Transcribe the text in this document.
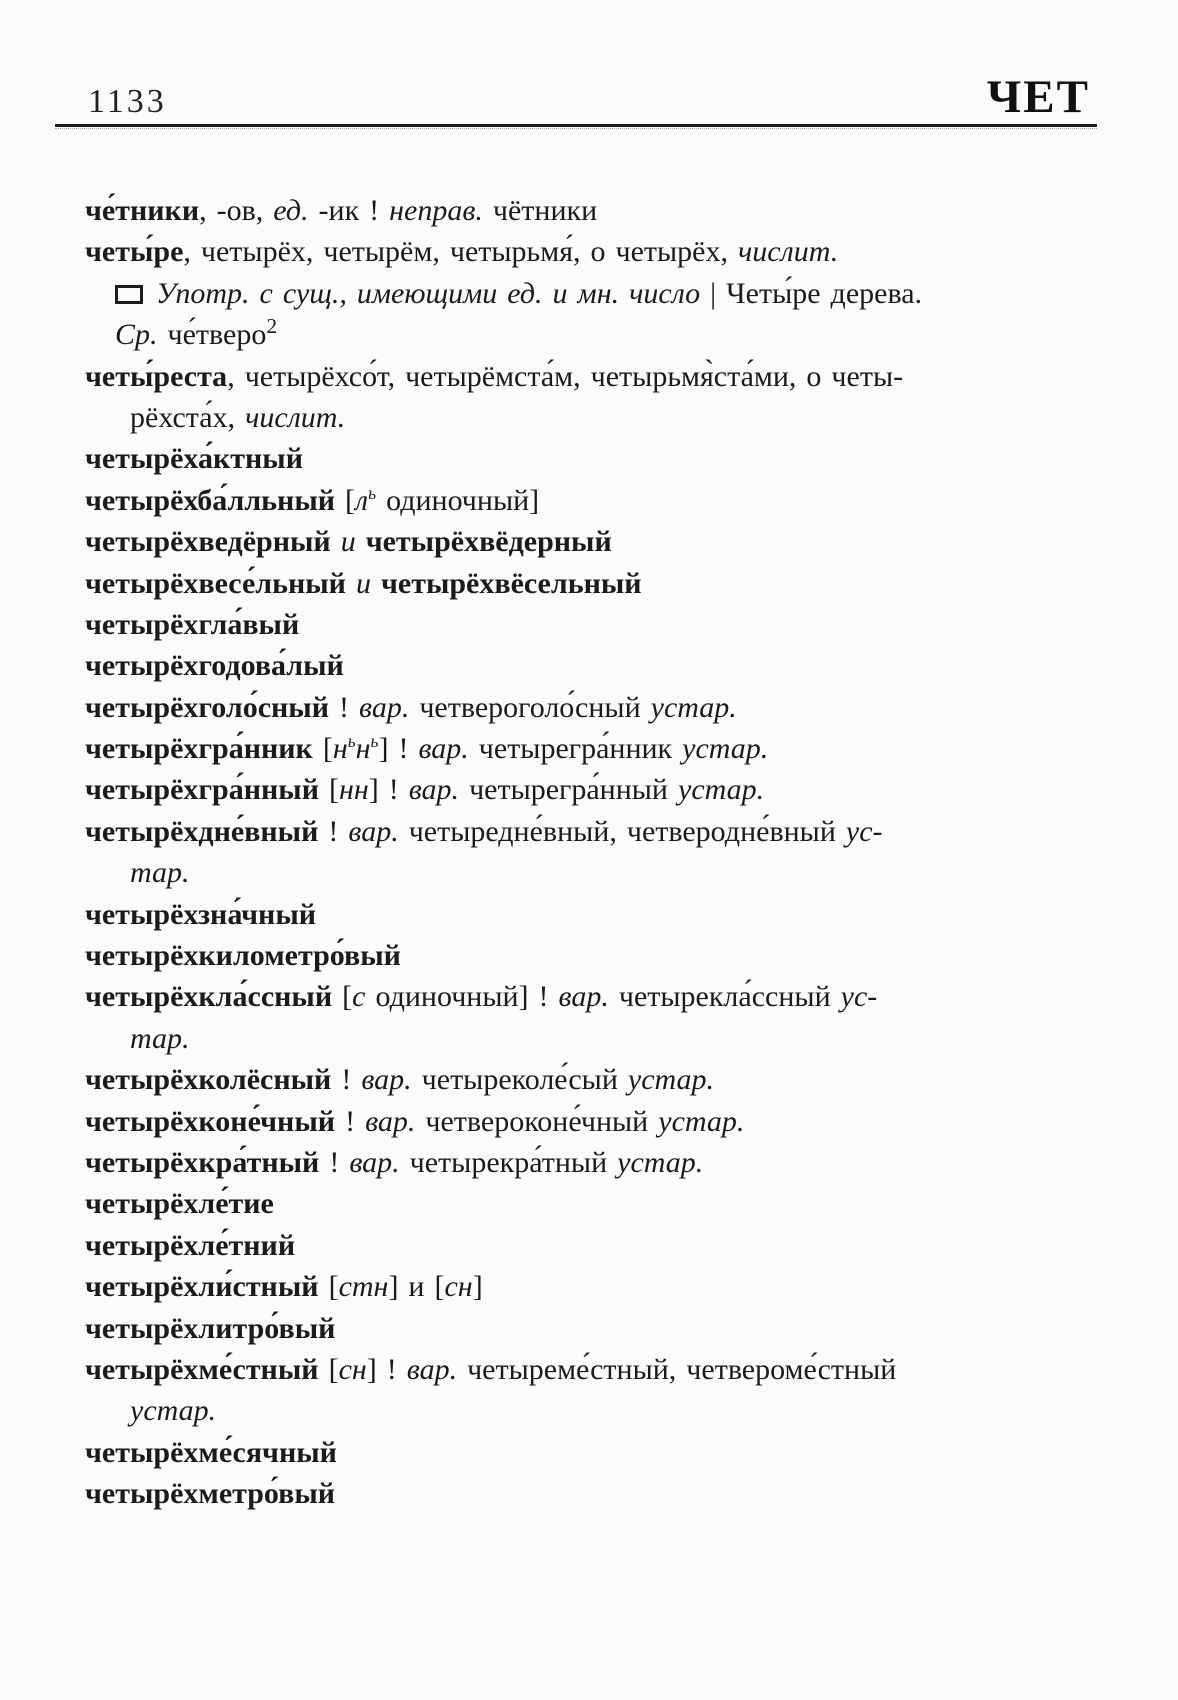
1133	ЧЕТ
че́тники, -ов, ед. -ик ! неправ. чётники
четы́ре, четырёх, четырём, четырьмя́, о четырёх, числит.
Употр. с сущ., имеющими ед. и мн. число | Четы́ре дерева.
Ср. че́тверо$^2$
четы́реста, четырёхсо́т, четырёмста́м, четырьмя̀ста́ми, о четы-
рёхста́х, числит.
четырёха́ктный
четырёхба́лльный [$л^ь$ одиночный]
четырёхведёрный и четырёхвёдерный
четырёхвесе́льный и четырёхвёсельный
четырёхгла́вый
четырёхгодова́лый
четырёхголо́сный ! вар. четвероголо́сный устар.
четырёхгра́нник $[н^ьн^ь]$ ! вар. четырегра́нник устар.
четырёхгра́нный [нн] ! вар. четырегра́нный устар.
четырёхдне́вный ! вар. четыредне́вный, четверодне́вный ус-
тар.
четырёхзна́чный
четырёхкилометро́вый
четырёхкла́ссный [с одиночный] ! вар. четырекла́ссный ус-
тар.
четырёхколёсный ! вар. четыреколе́сый устар.
четырёхконе́чный ! вар. четвероконе́чный устар.
четырёхкра́тный ! вар. четырекра́тный устар.
четырёхле́тие
четырёхле́тний
четырёхли́стный [стн] и [сн]
четырёхлитро́вый
четырёхме́стный [сн] ! вар. четыреме́стный, четвероме́стный
устар.
четырёхме́сячный
четырёхметро́вый
